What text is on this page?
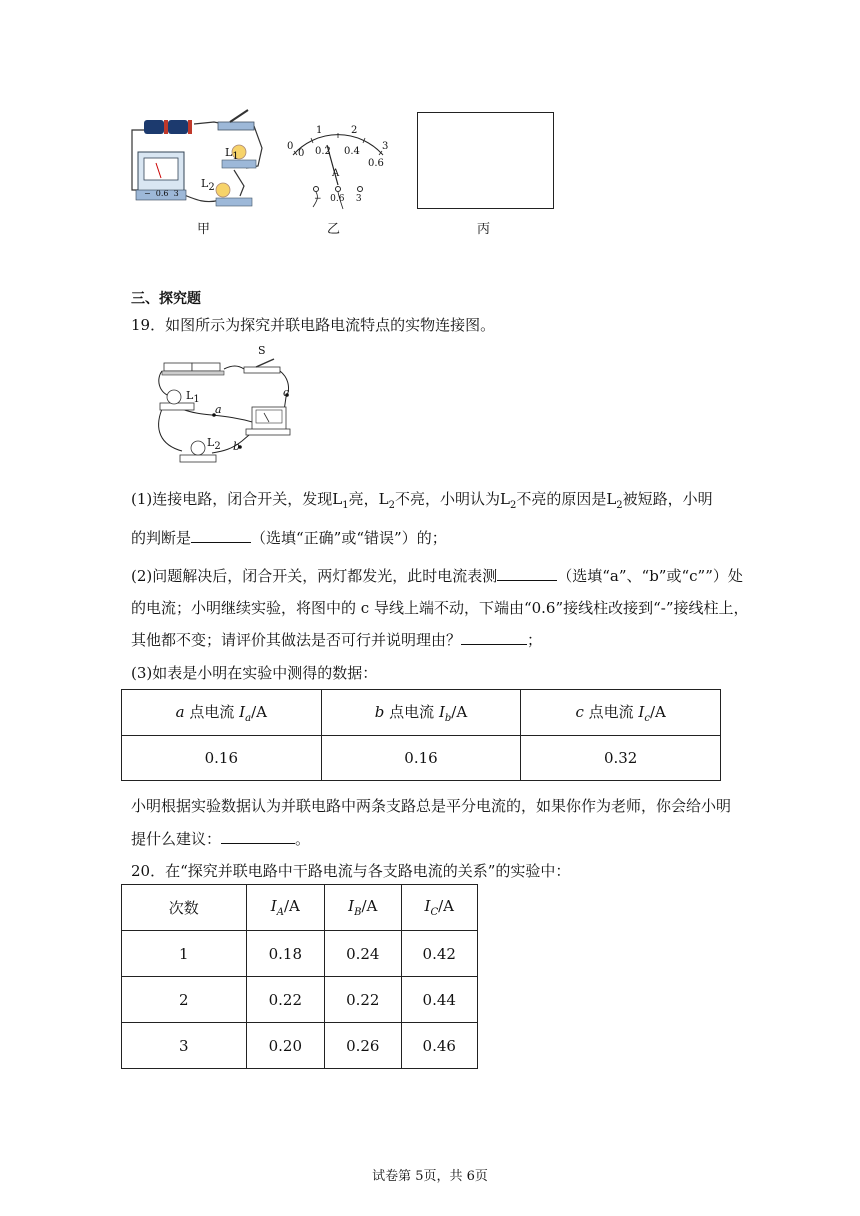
− 0.6 3
L1
L2
甲
0
1	2
3
0 0.2 0.4
0.6
A
− 0.6 3
乙	丙
三、探究题
19．如图所示为探究并联电路电流特点的实物连接图。
S
L1
L2
a
b
c
(1)连接电路，闭合开关，发现$L_1$亮，$L_2$不亮，小明认为$L_2$不亮的原因是$L_2$被短路，小明
的判断是	（选填“正确”或“错误”）的；
(2)问题解决后，闭合开关，两灯都发光，此时电流表测	（选填“a”、“b”或“c””）处
的电流；小明继续实验，将图中的 c 导线上端不动，下端由“0.6”接线柱改接到“-”接线柱上，
其他都不变；请评价其做法是否可行并说明理由？	；
(3)如表是小明在实验中测得的数据：
a 点电流 $I_a/A$	b 点电流 $I_b/A$	c 点电流 $I_c/A$
0.16	0.16	0.32
小明根据实验数据认为并联电路中两条支路总是平分电流的，如果你作为老师，你会给小明
提什么建议：	。
20．在“探究并联电路中干路电流与各支路电流的关系”的实验中：
次数	$I_A/A$	$I_B/A$	$I_C/A$
1	0.18	0.24	0.42
2	0.22	0.22	0.44
3	0.20	0.26	0.46
试卷第 5页，共 6页
